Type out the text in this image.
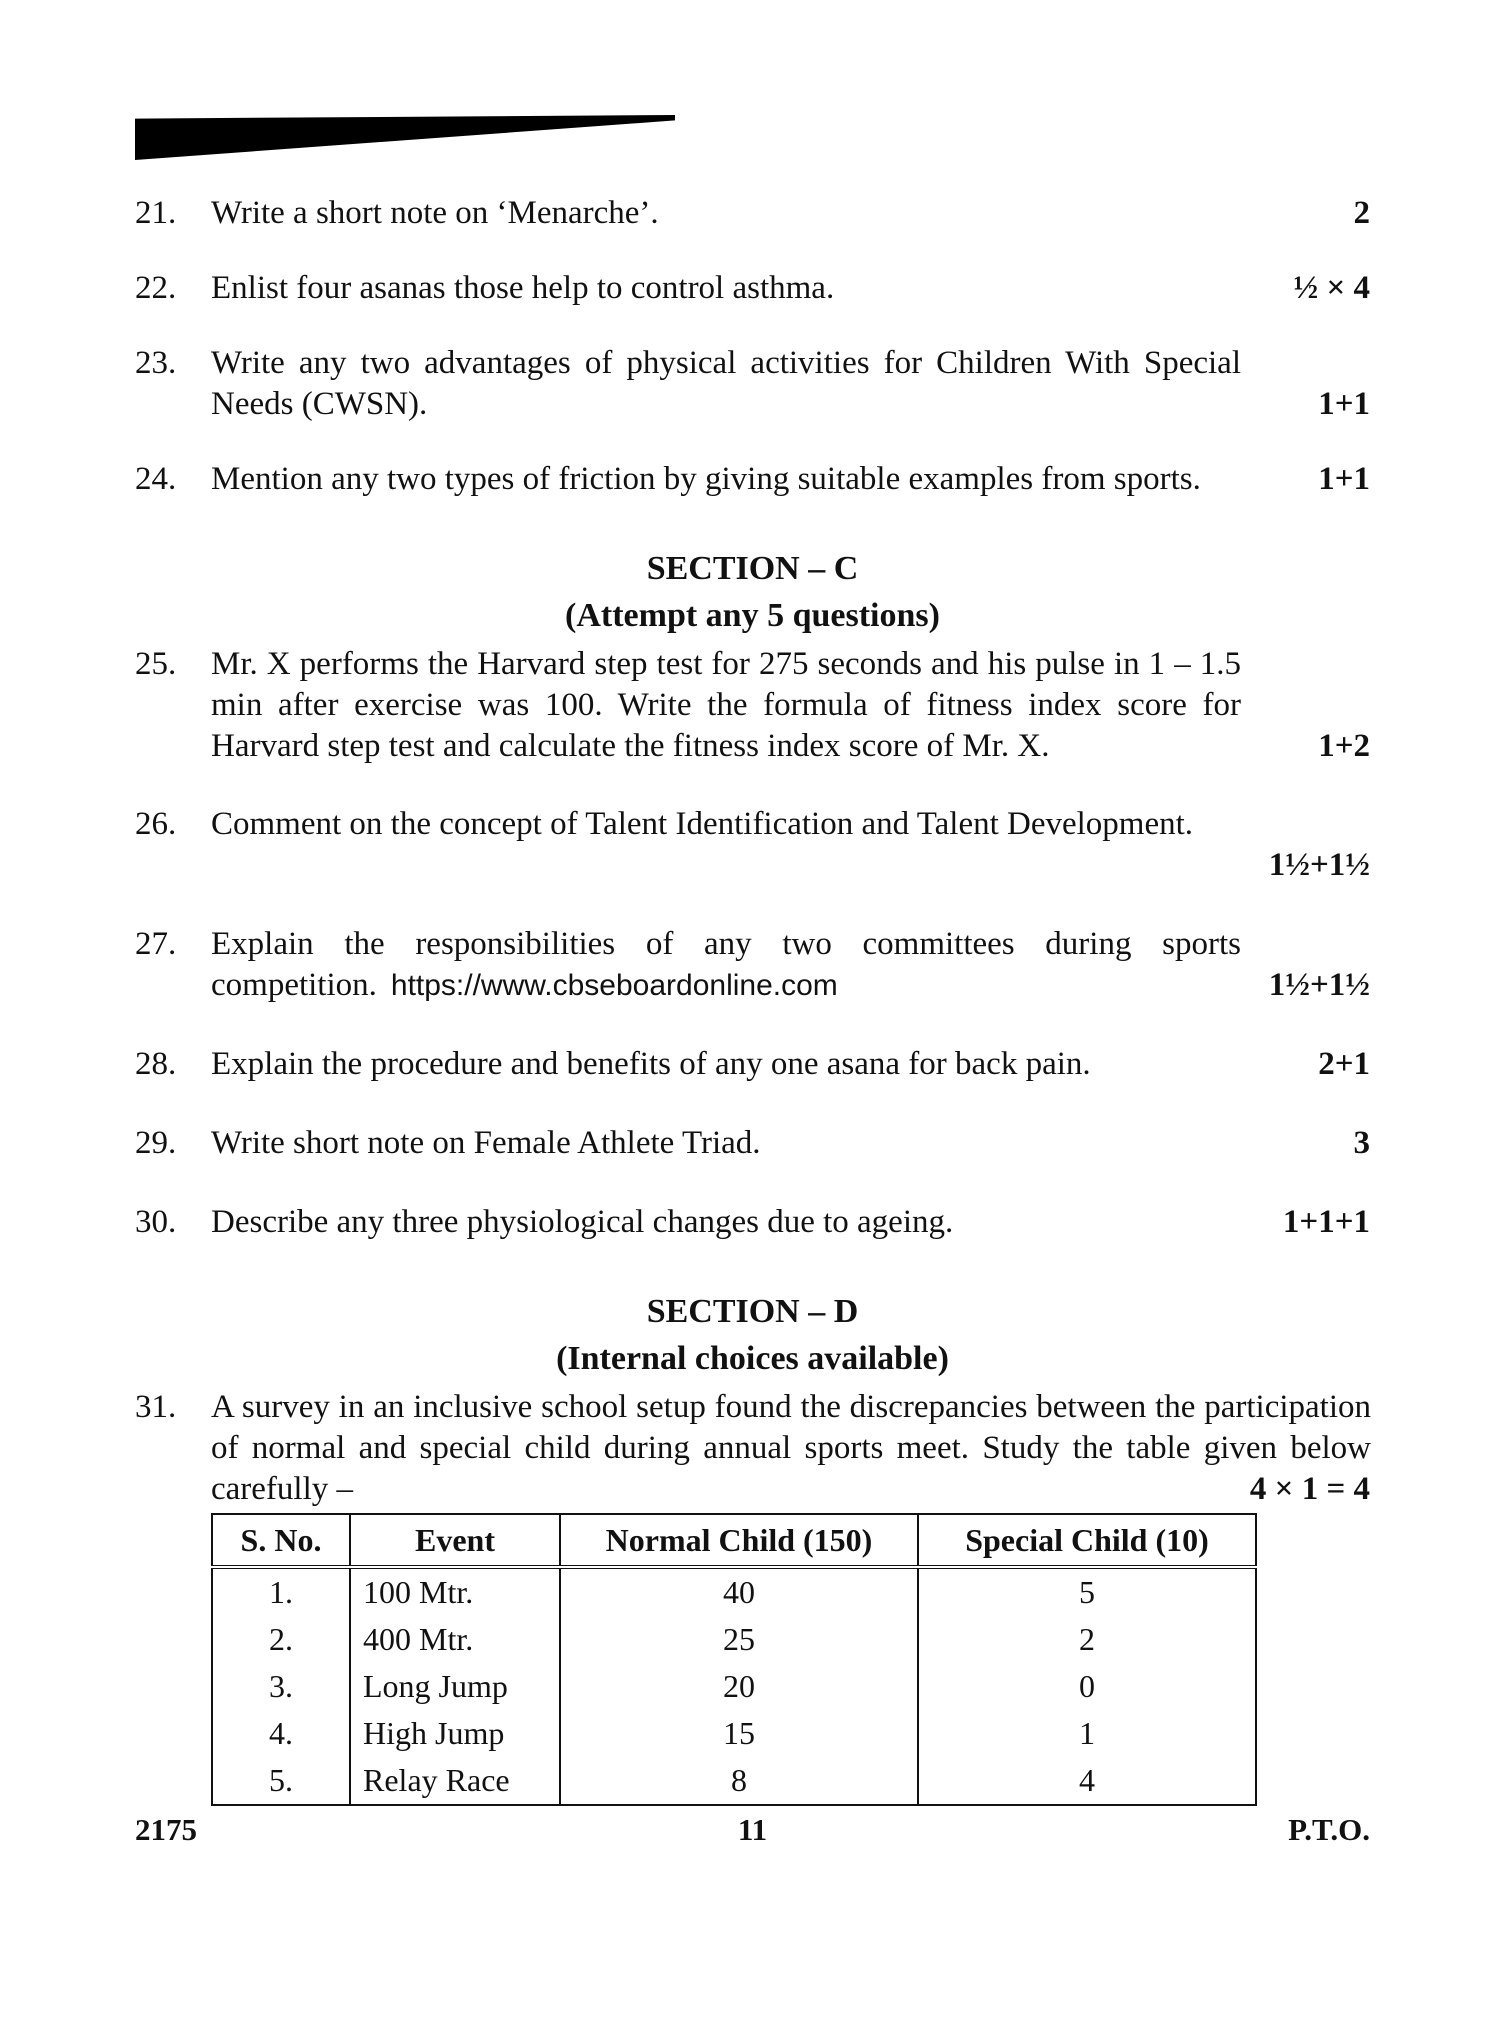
21.	Write a short note on ‘Menarche’.	2
22.	Enlist four asanas those help to control asthma.	½ × 4
23.	Write any two advantages of physical activities for Children With Special Needs (CWSN).	1+1
24.	Mention any two types of friction by giving suitable examples from sports.	1+1
SECTION – C
(Attempt any 5 questions)
25.	Mr. X performs the Harvard step test for 275 seconds and his pulse in 1 – 1.5 min after exercise was 100. Write the formula of fitness index score for Harvard step test and calculate the fitness index score of Mr. X.	1+2
26.	Comment on the concept of Talent Identification and Talent Development.
1½+1½
27.	Explain the responsibilities of any two committees during sports competition. https://www.cbseboardonline.com	1½+1½
28.	Explain the procedure and benefits of any one asana for back pain.	2+1
29.	Write short note on Female Athlete Triad.	3
30.	Describe any three physiological changes due to ageing.	1+1+1
SECTION – D
(Internal choices available)
31.	A survey in an inclusive school setup found the discrepancies between the participation of normal and special child during annual sports meet. Study the table given below carefully –	4 × 1 = 4
S. No.	Event	Normal Child (150)	Special Child (10)
1.	100 Mtr.	40	5
2.	400 Mtr.	25	2
3.	Long Jump	20	0
4.	High Jump	15	1
5.	Relay Race	8	4
2175	11	P.T.O.
